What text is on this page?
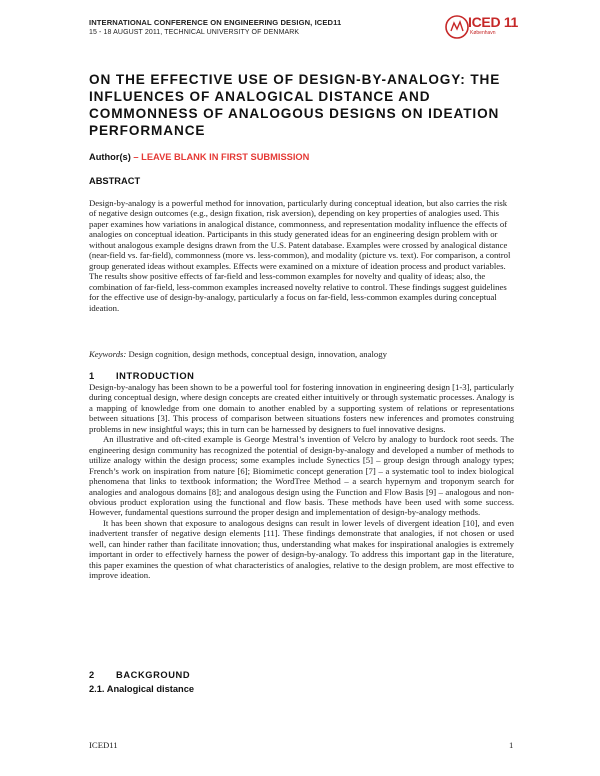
INTERNATIONAL CONFERENCE ON ENGINEERING DESIGN, ICED11
15 - 18 AUGUST 2011, TECHNICAL UNIVERSITY OF DENMARK
ICED 11
København
ON THE EFFECTIVE USE OF DESIGN-BY-ANALOGY: THE INFLUENCES OF ANALOGICAL DISTANCE AND COMMONNESS OF ANALOGOUS DESIGNS ON IDEATION PERFORMANCE
Author(s) – LEAVE BLANK IN FIRST SUBMISSION
ABSTRACT

Design-by-analogy is a powerful method for innovation, particularly during conceptual ideation, but also carries the risk of negative design outcomes (e.g., design fixation, risk aversion), depending on key properties of analogies used. This paper examines how variations in analogical distance, commonness, and representation modality influence the effects of analogies on conceptual ideation. Participants in this study generated ideas for an engineering design problem with or without analogous example designs drawn from the U.S. Patent database. Examples were crossed by analogical distance (near-field vs. far-field), commonness (more vs. less-common), and modality (picture vs. text). For comparison, a control group generated ideas without examples. Effects were examined on a mixture of ideation process and product variables. The results show positive effects of far-field and less-common examples for novelty and quality of ideas; also, the combination of far-field, less-common examples increased novelty relative to control. These findings suggest guidelines for the effective use of design-by-analogy, particularly a focus on far-field, less-common examples during conceptual ideation.

Keywords: Design cognition, design methods, conceptual design, innovation, analogy

1 INTRODUCTION

Design-by-analogy has been shown to be a powerful tool for fostering innovation in engineering design [1-3], particularly during conceptual design, where design concepts are created either intuitively or through systematic processes. Analogy is a mapping of knowledge from one domain to another enabled by a supporting system of relations or representations between situations [3]. This process of comparison between situations fosters new inferences and promotes construing problems in new insightful ways; this in turn can be harnessed by designers to fuel innovative designs.

An illustrative and oft-cited example is George Mestral’s invention of Velcro by analogy to burdock root seeds. The engineering design community has recognized the potential of design-by-analogy and developed a number of methods to utilize analogy within the design process; some examples include Synectics [5] – group design through analogy types; French’s work on inspiration from nature [6]; Biomimetic concept generation [7] – a systematic tool to index biological phenomena that links to textbook information; the WordTree Method – a search hypernym and troponym search for analogies and analogous domains [8]; and analogous design using the Function and Flow Basis [9] – analogous and non-obvious product exploration using the functional and flow basis. These methods have been used with some success. However, fundamental questions surround the proper design and implementation of design-by-analogy methods.

It has been shown that exposure to analogous designs can result in lower levels of divergent ideation [10], and even inadvertent transfer of negative design elements [11]. These findings demonstrate that analogies, if not chosen or used well, can hinder rather than facilitate innovation; thus, understanding what makes for inspirational analogies is extremely important in order to effectively harness the power of design-by-analogy. To address this important gap in the literature, this paper examines the question of what characteristics of analogies, relative to the design problem, are most effective to improve ideation.

2 BACKGROUND
2.1. Analogical distance
ICED11	1
